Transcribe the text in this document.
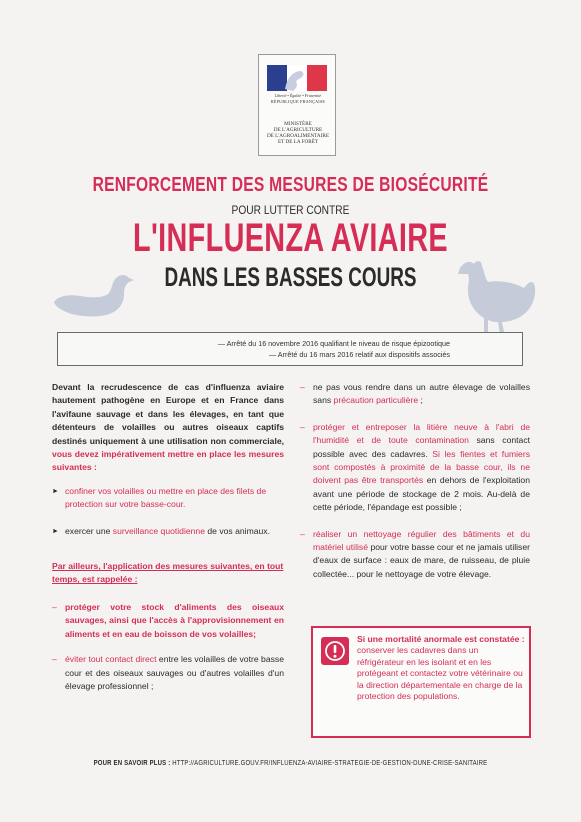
Liberté • Égalité • Fraternité
RÉPUBLIQUE FRANÇAISE
MINISTÈRE
DE L'AGRICULTURE
DE L'AGROALIMENTAIRE
ET DE LA FORÊT
RENFORCEMENT DES MESURES DE BIOSÉCURITÉ
POUR LUTTER CONTRE
L'INFLUENZA AVIAIRE
DANS LES BASSES COURS
— Arrêté du 16 novembre 2016 qualifiant le niveau de risque épizootique
— Arrêté du 16 mars 2016 relatif aux dispositifs associés

Devant la recrudescence de cas d'influenza aviaire hautement pathogène en Europe et en France dans l'avifaune sauvage et dans les élevages, en tant que détenteurs de volailles ou autres oiseaux captifs destinés uniquement à une utilisation non commerciale, vous devez impérativement mettre en place les mesures suivantes :

► confiner vos volailles ou mettre en place des filets de protection sur votre basse-cour.
► exercer une surveillance quotidienne de vos animaux.

Par ailleurs, l'application des mesures suivantes, en tout temps, est rappelée :

– protéger votre stock d'aliments des oiseaux sauvages, ainsi que l'accès à l'approvisionnement en aliments et en eau de boisson de vos volailles;
– éviter tout contact direct entre les volailles de votre basse cour et des oiseaux sauvages ou d'autres volailles d'un élevage professionnel ;
– ne pas vous rendre dans un autre élevage de volailles sans précaution particulière ;
– protéger et entreposer la litière neuve à l'abri de l'humidité et de toute contamination sans contact possible avec des cadavres. Si les fientes et fumiers sont compostés à proximité de la basse cour, ils ne doivent pas être transportés en dehors de l'exploitation avant une période de stockage de 2 mois. Au-delà de cette période, l'épandage est possible ;
– réaliser un nettoyage régulier des bâtiments et du matériel utilisé pour votre basse cour et ne jamais utiliser d'eaux de surface : eaux de mare, de ruisseau, de pluie collectée... pour le nettoyage de votre élevage.
Si une mortalité anormale est constatée : conserver les cadavres dans un réfrigérateur en les isolant et en les protégeant et contactez votre vétérinaire ou la direction départementale en charge de la protection des populations.
POUR EN SAVOIR PLUS : HTTP://AGRICULTURE.GOUV.FR/INFLUENZA-AVIAIRE-STRATEGIE-DE-GESTION-DUNE-CRISE-SANITAIRE
